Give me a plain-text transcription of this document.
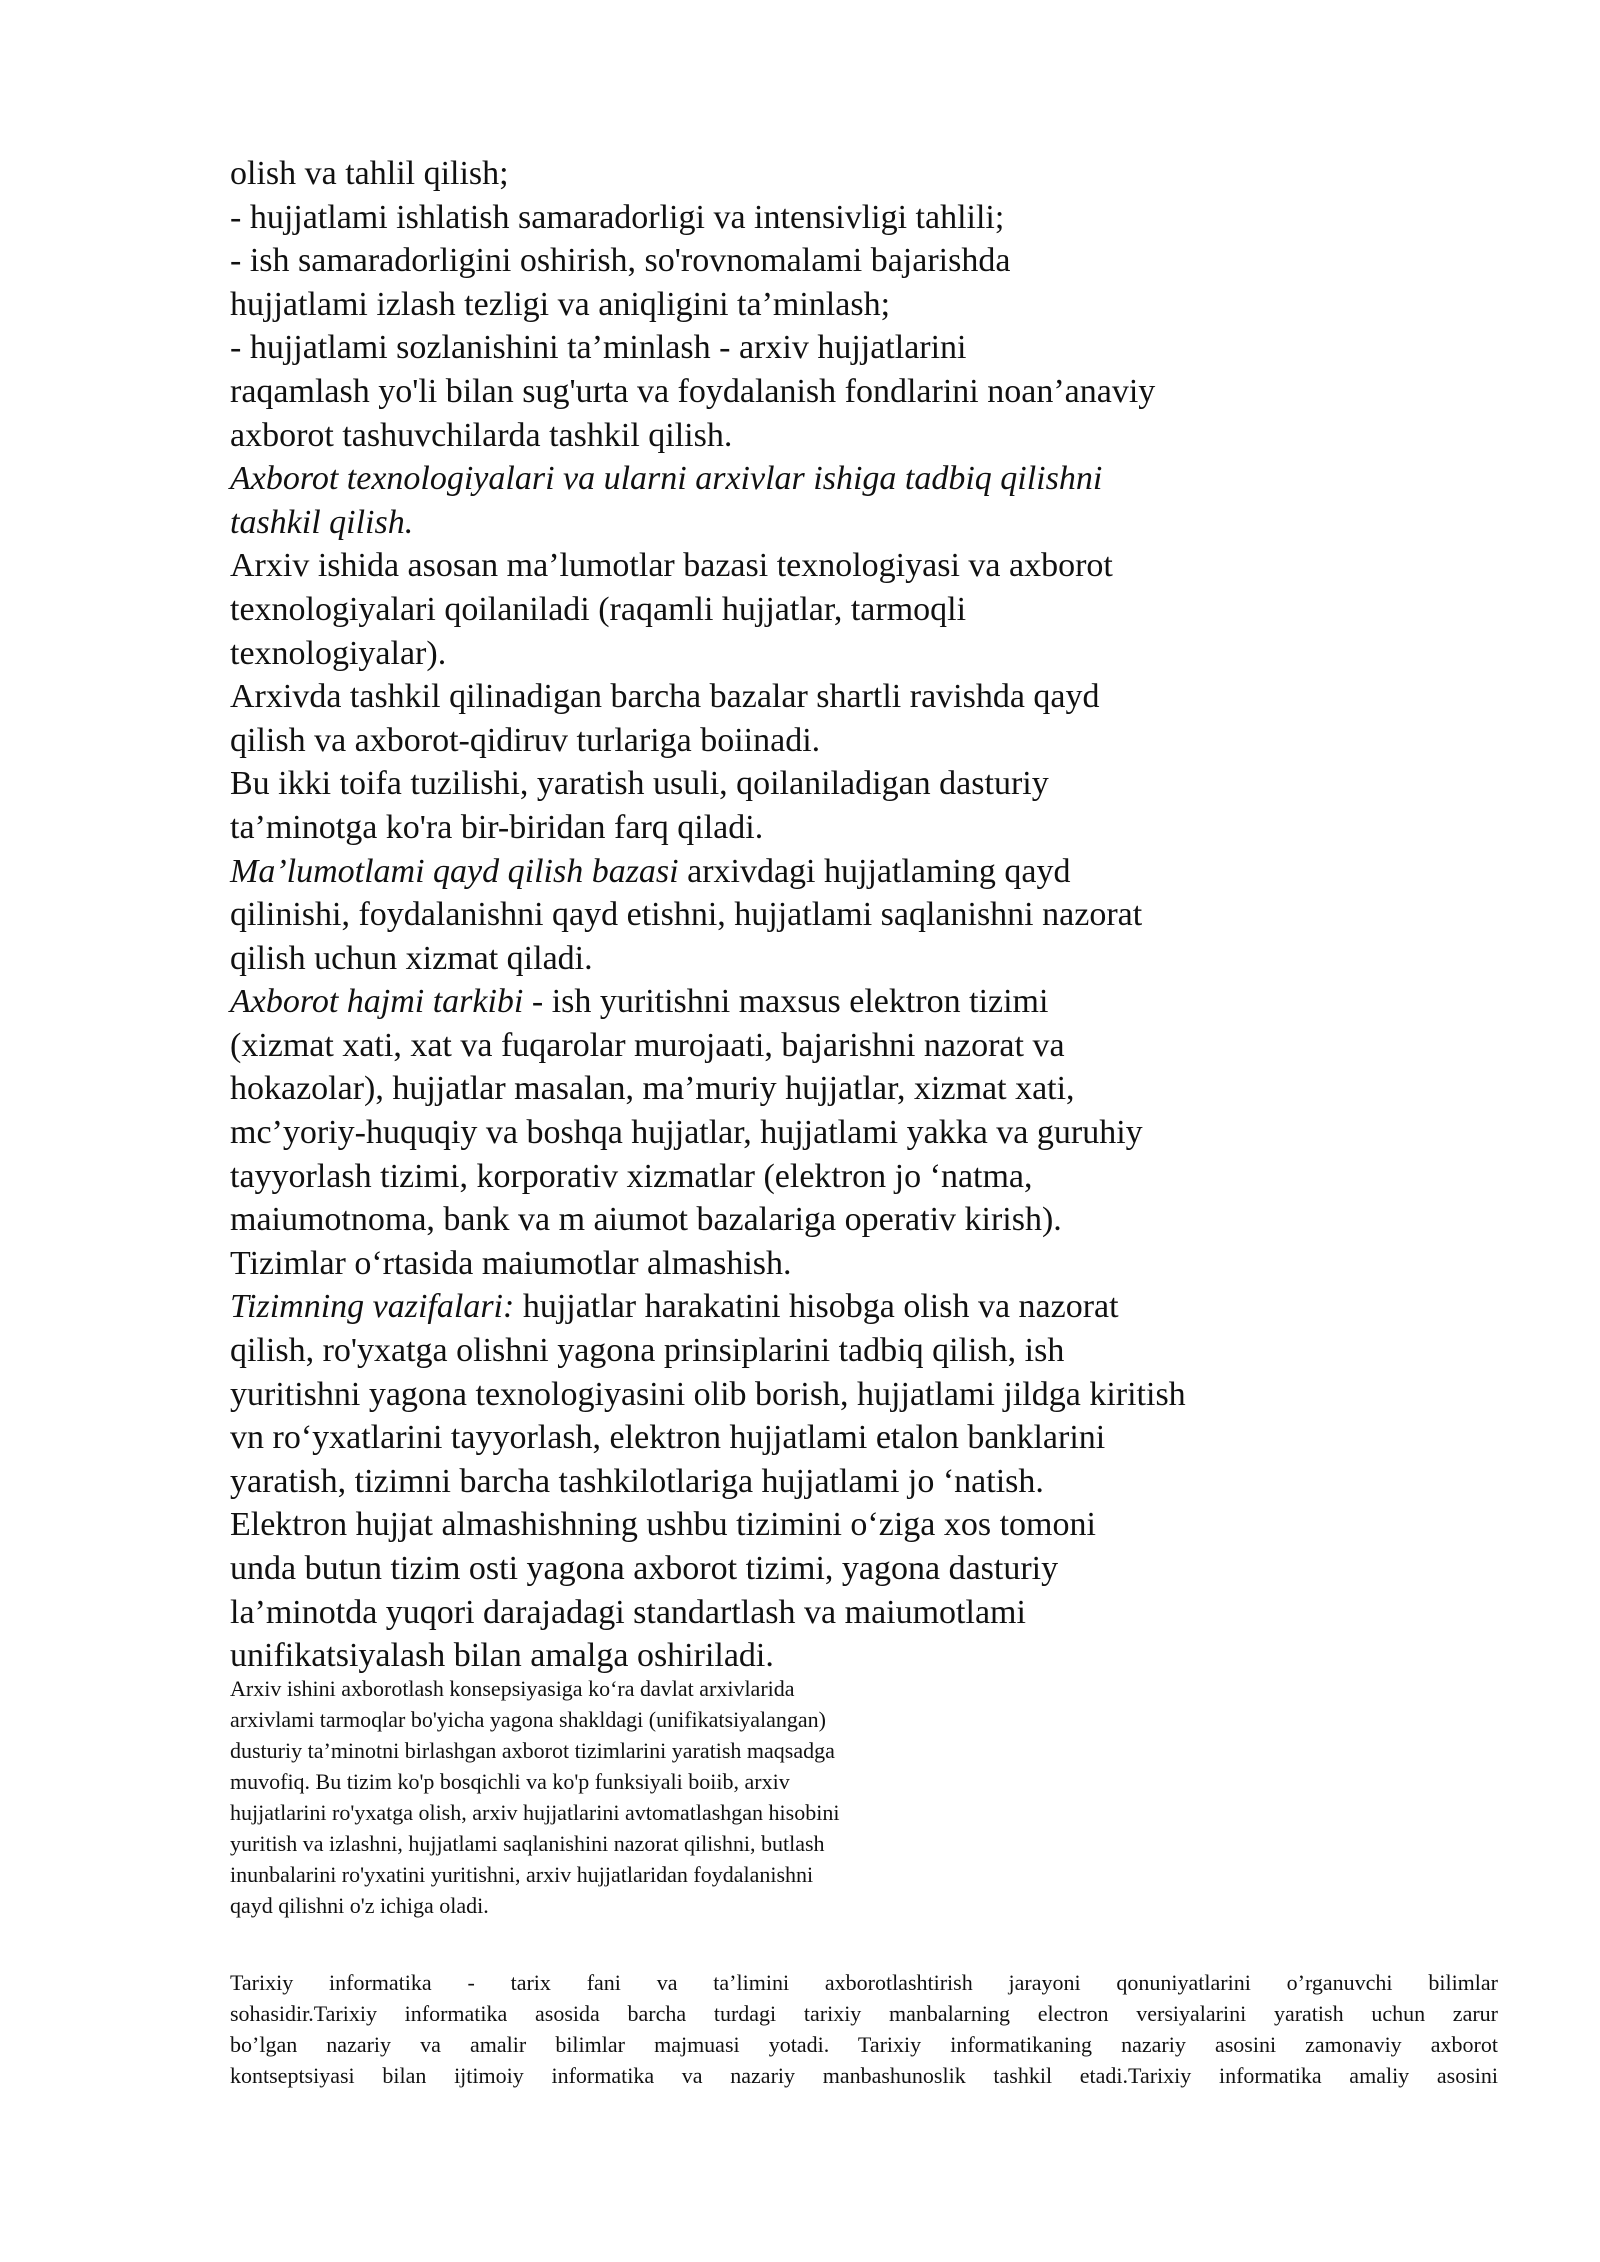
olish va tahlil qilish;
- hujjatlami ishlatish samaradorligi va intensivligi tahlili;
- ish samaradorligini oshirish, so'rovnomalami bajarishda
hujjatlami izlash tezligi va aniqligini ta’minlash;
- hujjatlami sozlanishini ta’minlash - arxiv hujjatlarini
raqamlash yo'li bilan sug'urta va foydalanish fondlarini noan’anaviy
axborot tashuvchilarda tashkil qilish.
Axborot texnologiyalari va ularni arxivlar ishiga tadbiq qilishni
tashkil qilish.
Arxiv ishida asosan ma’lumotlar bazasi texnologiyasi va axborot
texnologiyalari qoilaniladi (raqamli hujjatlar, tarmoqli
texnologiyalar).
Arxivda tashkil qilinadigan barcha bazalar shartli ravishda qayd
qilish va axborot-qidiruv turlariga boiinadi.
Bu ikki toifa tuzilishi, yaratish usuli, qoilaniladigan dasturiy
ta’minotga ko'ra bir-biridan farq qiladi.
Ma’lumotlami qayd qilish bazasi arxivdagi hujjatlaming qayd
qilinishi, foydalanishni qayd etishni, hujjatlami saqlanishni nazorat
qilish uchun xizmat qiladi.
Axborot hajmi tarkibi - ish yuritishni maxsus elektron tizimi
(xizmat xati, xat va fuqarolar murojaati, bajarishni nazorat va
hokazolar), hujjatlar masalan, ma’muriy hujjatlar, xizmat xati,
mc’yoriy-huquqiy va boshqa hujjatlar, hujjatlami yakka va guruhiy
tayyorlash tizimi, korporativ xizmatlar (elektron jo ‘natma,
maiumotnoma, bank va m aiumot bazalariga operativ kirish).
Tizimlar o‘rtasida maiumotlar almashish.
Tizimning vazifalari: hujjatlar harakatini hisobga olish va nazorat
qilish, ro'yxatga olishni yagona prinsiplarini tadbiq qilish, ish
yuritishni yagona texnologiyasini olib borish, hujjatlami jildga kiritish
vn ro‘yxatlarini tayyorlash, elektron hujjatlami etalon banklarini
yaratish, tizimni barcha tashkilotlariga hujjatlami jo ‘natish.
Elektron hujjat almashishning ushbu tizimini o‘ziga xos tomoni
unda butun tizim osti yagona axborot tizimi, yagona dasturiy
la’minotda yuqori darajadagi standartlash va maiumotlami
unifikatsiyalash bilan amalga oshiriladi.
Arxiv ishini axborotlash konsepsiyasiga ko‘ra davlat arxivlarida
arxivlami tarmoqlar bo'yicha yagona shakldagi (unifikatsiyalangan)
dusturiy ta’minotni birlashgan axborot tizimlarini yaratish maqsadga
muvofiq. Bu tizim ko'p bosqichli va ko'p funksiyali boiib, arxiv
hujjatlarini ro'yxatga olish, arxiv hujjatlarini avtomatlashgan hisobini
yuritish va izlashni, hujjatlami saqlanishini nazorat qilishni, butlash
inunbalarini ro'yxatini yuritishni, arxiv hujjatlaridan foydalanishni
qayd qilishni o'z ichiga oladi.
Tarixiy informatika - tarix fani va ta’limini axborotlashtirish jarayoni qonuniyatlarini o’rganuvchi bilimlar
sohasidir.Tarixiy informatika asosida barcha turdagi tarixiy manbalarning electron versiyalarini yaratish uchun zarur
bo’lgan nazariy va amalir bilimlar majmuasi yotadi. Tarixiy informatikaning nazariy asosini zamonaviy axborot
kontseptsiyasi bilan ijtimoiy informatika va nazariy manbashunoslik tashkil etadi.Tarixiy informatika amaliy asosini
